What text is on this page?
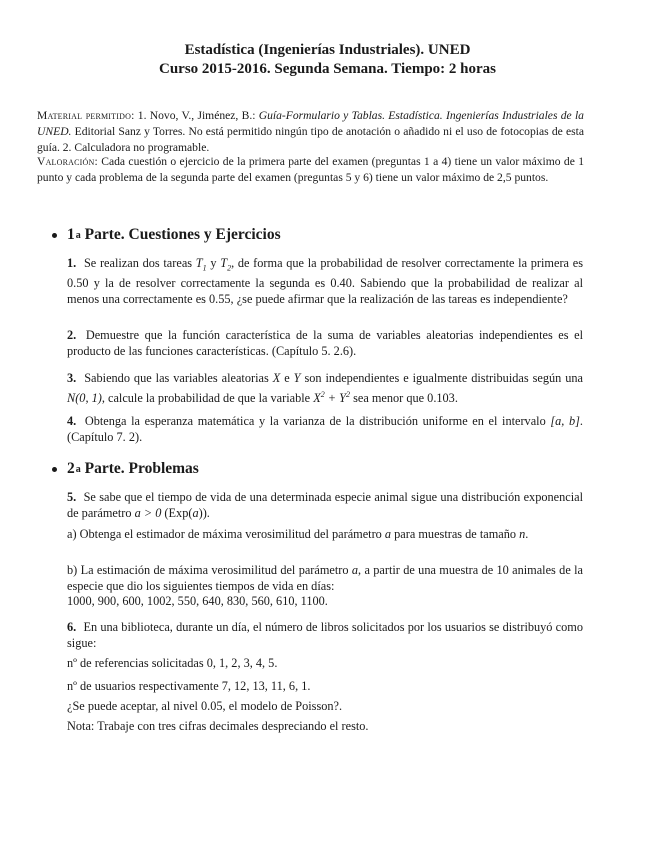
Estadística (Ingenierías Industriales). UNED
Curso 2015-2016. Segunda Semana. Tiempo: 2 horas
Material permitido: 1. Novo, V., Jiménez, B.: Guía-Formulario y Tablas. Estadística. Ingenierías Industriales de la UNED. Editorial Sanz y Torres. No está permitido ningún tipo de anotación o añadido ni el uso de fotocopias de esta guía. 2. Calculadora no programable.
Valoración: Cada cuestión o ejercicio de la primera parte del examen (preguntas 1 a 4) tiene un valor máximo de 1 punto y cada problema de la segunda parte del examen (preguntas 5 y 6) tiene un valor máximo de 2,5 puntos.
1 a
Parte. Cuestiones y Ejercicios
1. Se realizan dos tareas $T_1$ y $T_2$, de forma que la probabilidad de resolver correctamente la primera es 0.50 y la de resolver correctamente la segunda es 0.40. Sabiendo que la probabilidad de realizar al menos una correctamente es 0.55, ¿se puede afirmar que la realización de las tareas es independiente?
2. Demuestre que la función característica de la suma de variables aleatorias independientes es el producto de las funciones características. (Capítulo 5. 2.6).
3. Sabiendo que las variables aleatorias X e Y son independientes e igualmente distribuidas según una N(0, 1), calcule la probabilidad de que la variable $X^2 + Y^2$ sea menor que 0.103.
4. Obtenga la esperanza matemática y la varianza de la distribución uniforme en el intervalo [a, b]. (Capítulo 7. 2).
2 a
Parte. Problemas
5. Se sabe que el tiempo de vida de una determinada especie animal sigue una distribución exponencial de parámetro a > 0 (Exp(a)).
a) Obtenga el estimador de máxima verosimilitud del parámetro a para muestras de tamaño n.
b) La estimación de máxima verosimilitud del parámetro a, a partir de una muestra de 10 animales de la especie que dio los siguientes tiempos de vida en días:
1000, 900, 600, 1002, 550, 640, 830, 560, 610, 1100.
6. En una biblioteca, durante un día, el número de libros solicitados por los usuarios se distribuyó como sigue:
nº de referencias solicitadas 0, 1, 2, 3, 4, 5.
nº de usuarios respectivamente 7, 12, 13, 11, 6, 1.
¿Se puede aceptar, al nivel 0.05, el modelo de Poisson?.
Nota: Trabaje con tres cifras decimales despreciando el resto.
